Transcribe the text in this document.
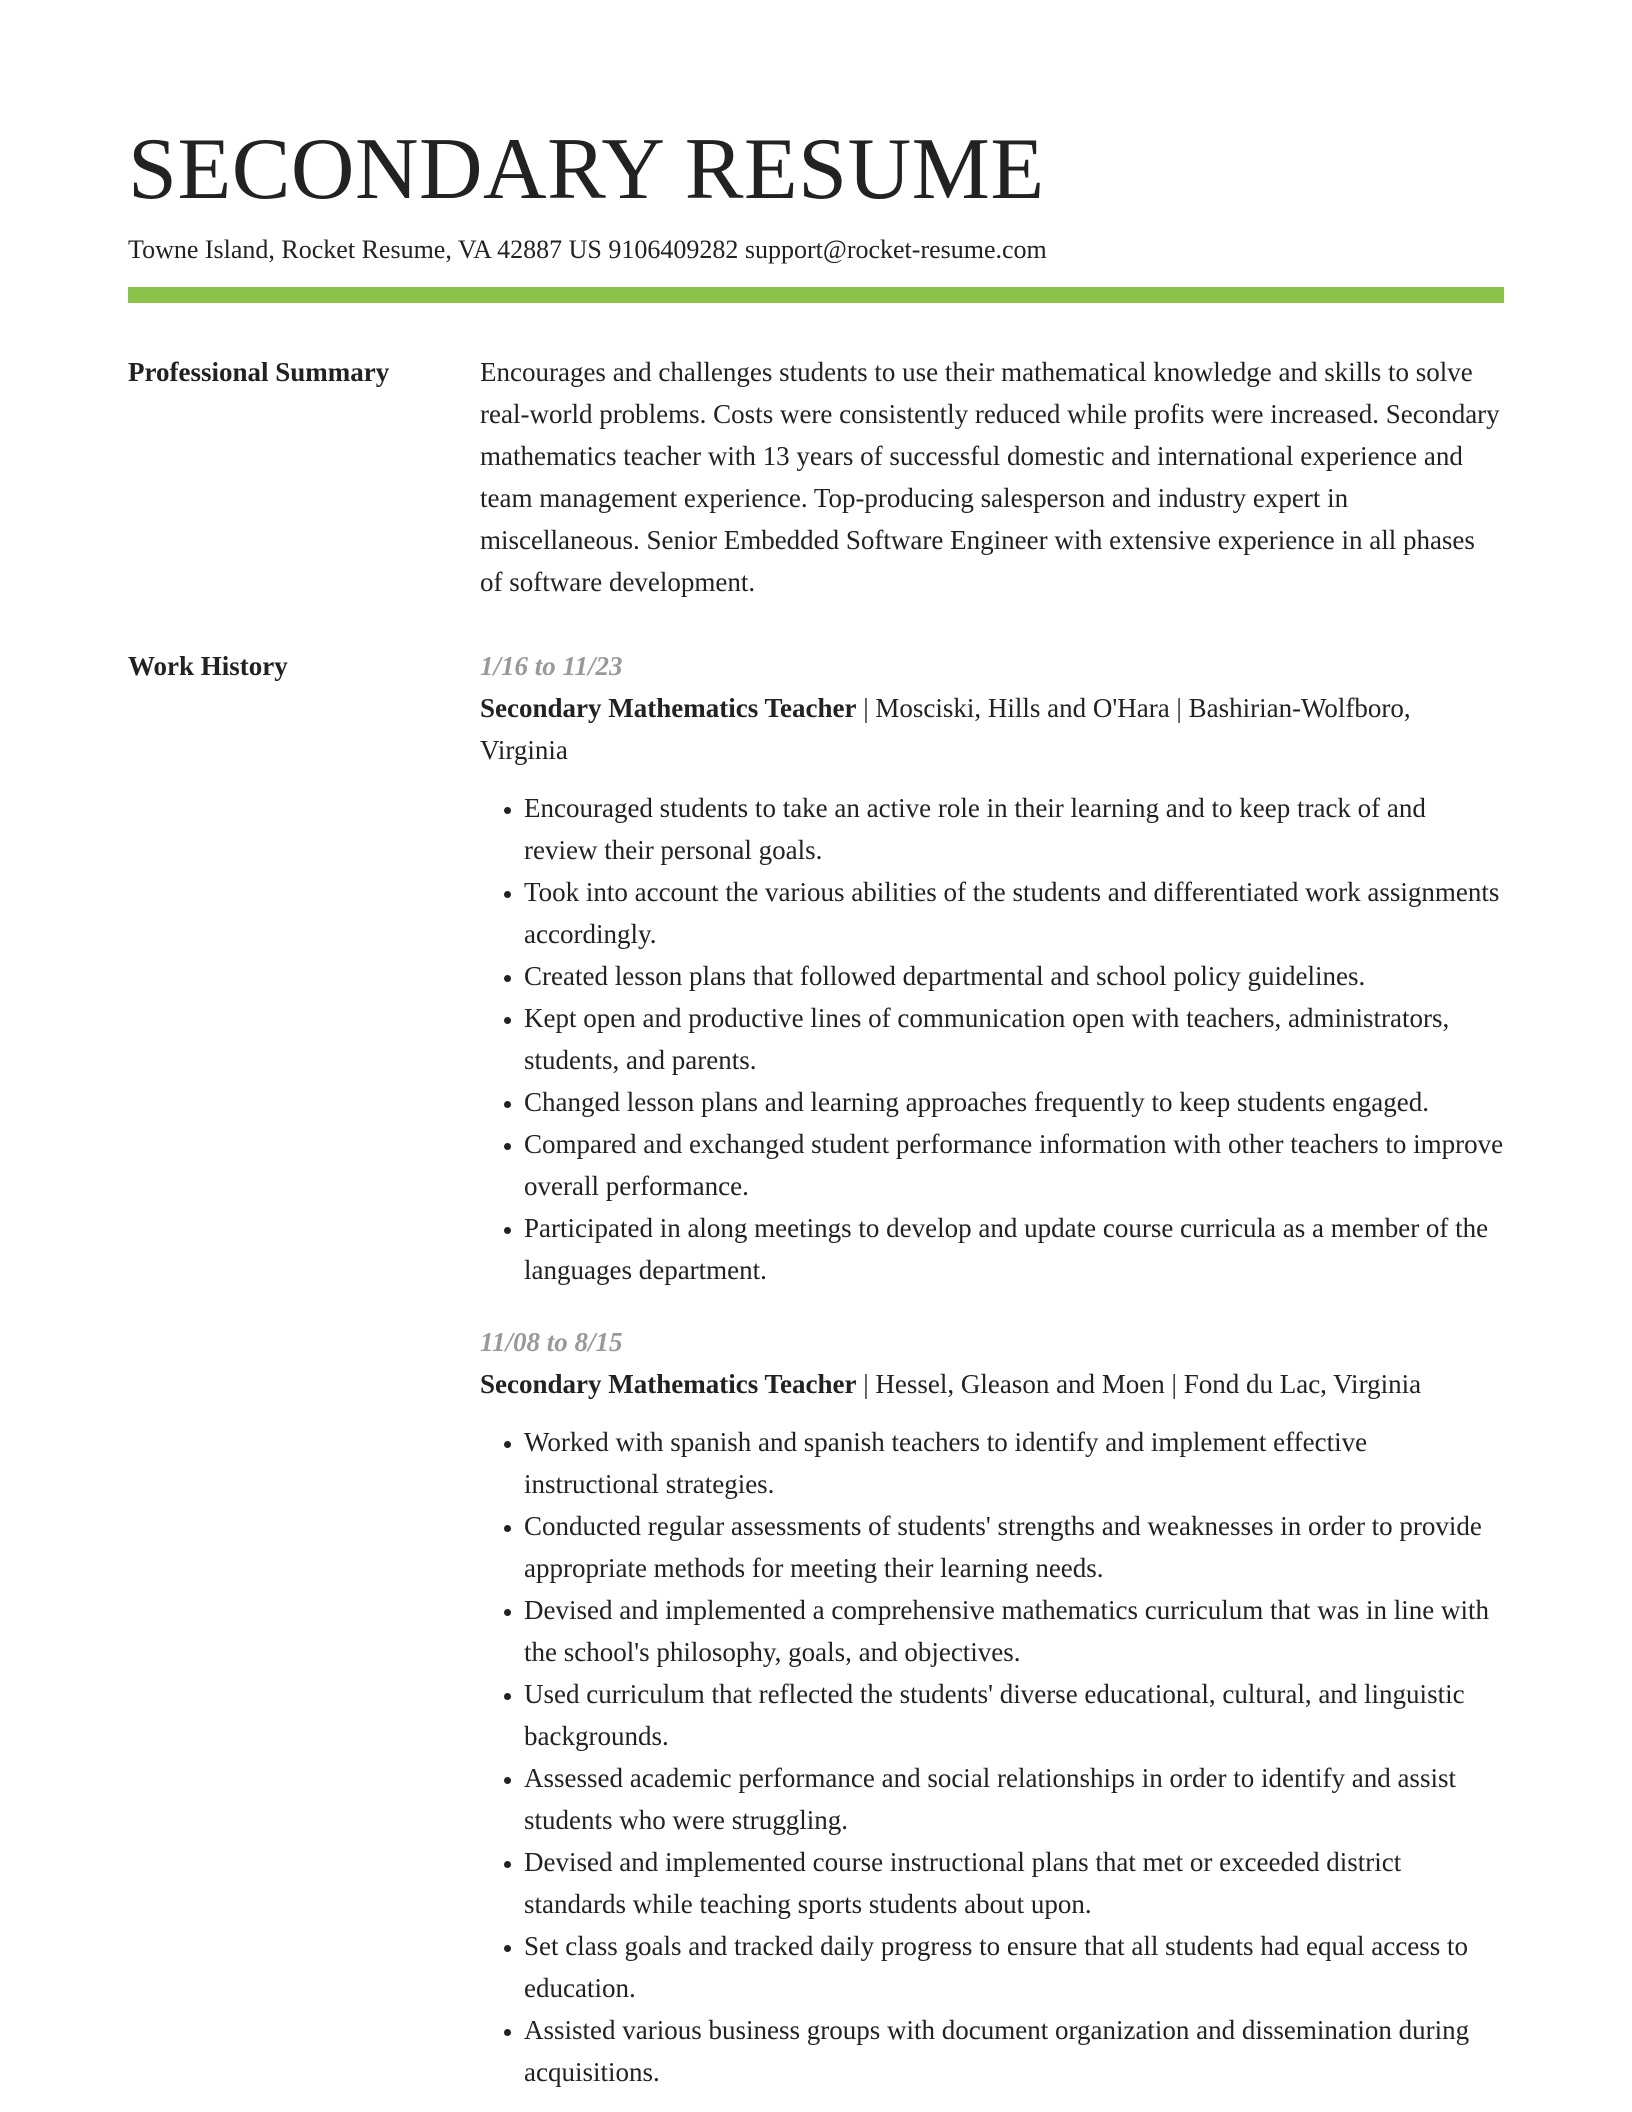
SECONDARY RESUME
Towne Island, Rocket Resume, VA 42887 US 9106409282 support@rocket-resume.com
Professional Summary	Encourages and challenges students to use their mathematical knowledge and skills to solve real-world problems. Costs were consistently reduced while profits were increased. Secondary mathematics teacher with 13 years of successful domestic and international experience and team management experience. Top-producing salesperson and industry expert in miscellaneous. Senior Embedded Software Engineer with extensive experience in all phases of software development.
Work History	1/16 to 11/23
Secondary Mathematics Teacher | Mosciski, Hills and O'Hara | Bashirian-Wolfboro, Virginia
• Encouraged students to take an active role in their learning and to keep track of and review their personal goals.
• Took into account the various abilities of the students and differentiated work assignments accordingly.
• Created lesson plans that followed departmental and school policy guidelines.
• Kept open and productive lines of communication open with teachers, administrators, students, and parents.
• Changed lesson plans and learning approaches frequently to keep students engaged.
• Compared and exchanged student performance information with other teachers to improve overall performance.
• Participated in along meetings to develop and update course curricula as a member of the languages department.
11/08 to 8/15
Secondary Mathematics Teacher | Hessel, Gleason and Moen | Fond du Lac, Virginia
• Worked with spanish and spanish teachers to identify and implement effective instructional strategies.
• Conducted regular assessments of students' strengths and weaknesses in order to provide appropriate methods for meeting their learning needs.
• Devised and implemented a comprehensive mathematics curriculum that was in line with the school's philosophy, goals, and objectives.
• Used curriculum that reflected the students' diverse educational, cultural, and linguistic backgrounds.
• Assessed academic performance and social relationships in order to identify and assist students who were struggling.
• Devised and implemented course instructional plans that met or exceeded district standards while teaching sports students about upon.
• Set class goals and tracked daily progress to ensure that all students had equal access to education.
• Assisted various business groups with document organization and dissemination during acquisitions.
